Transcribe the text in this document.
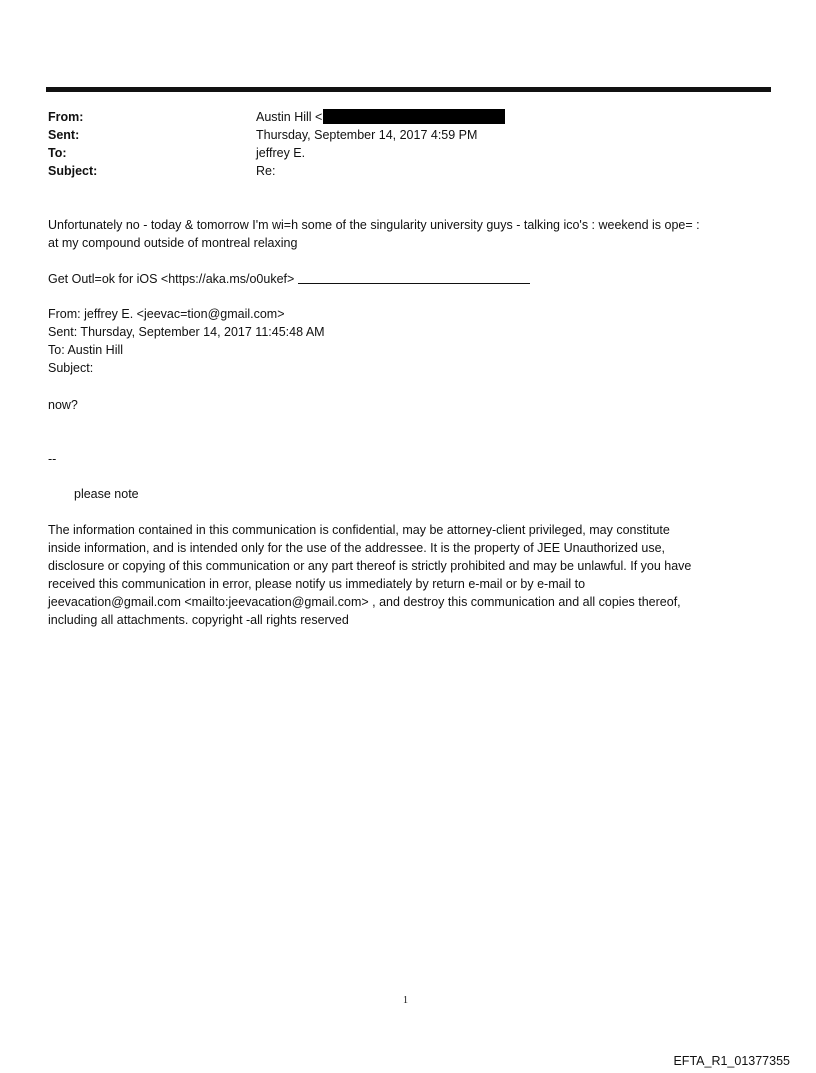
From:	Austin Hill <
Sent:	Thursday, September 14, 2017 4:59 PM
To:	jeffrey E.
Subject:	Re:

Unfortunately no - today & tomorrow I'm wi=h some of the singularity university guys - talking ico's : weekend is ope= :

at my compound outside of montreal relaxing

Get Outl=ok for iOS <https://aka.ms/o0ukef>

From: jeffrey E. <jeevac=tion@gmail.com>

Sent: Thursday, September 14, 2017 11:45:48 AM

To: Austin Hill

Subject:

now?

--

please note

The information contained in this communication is confidential, may be attorney-client privileged, may constitute

inside information, and is intended only for the use of the addressee. It is the property of JEE Unauthorized use,

disclosure or copying of this communication or any part thereof is strictly prohibited and may be unlawful. If you have

received this communication in error, please notify us immediately by return e-mail or by e-mail to

jeevacation@gmail.com <mailto:jeevacation@gmail.com> , and destroy this communication and all copies thereof,

including all attachments. copyright -all rights reserved

1
EFTA_R1_01377355
